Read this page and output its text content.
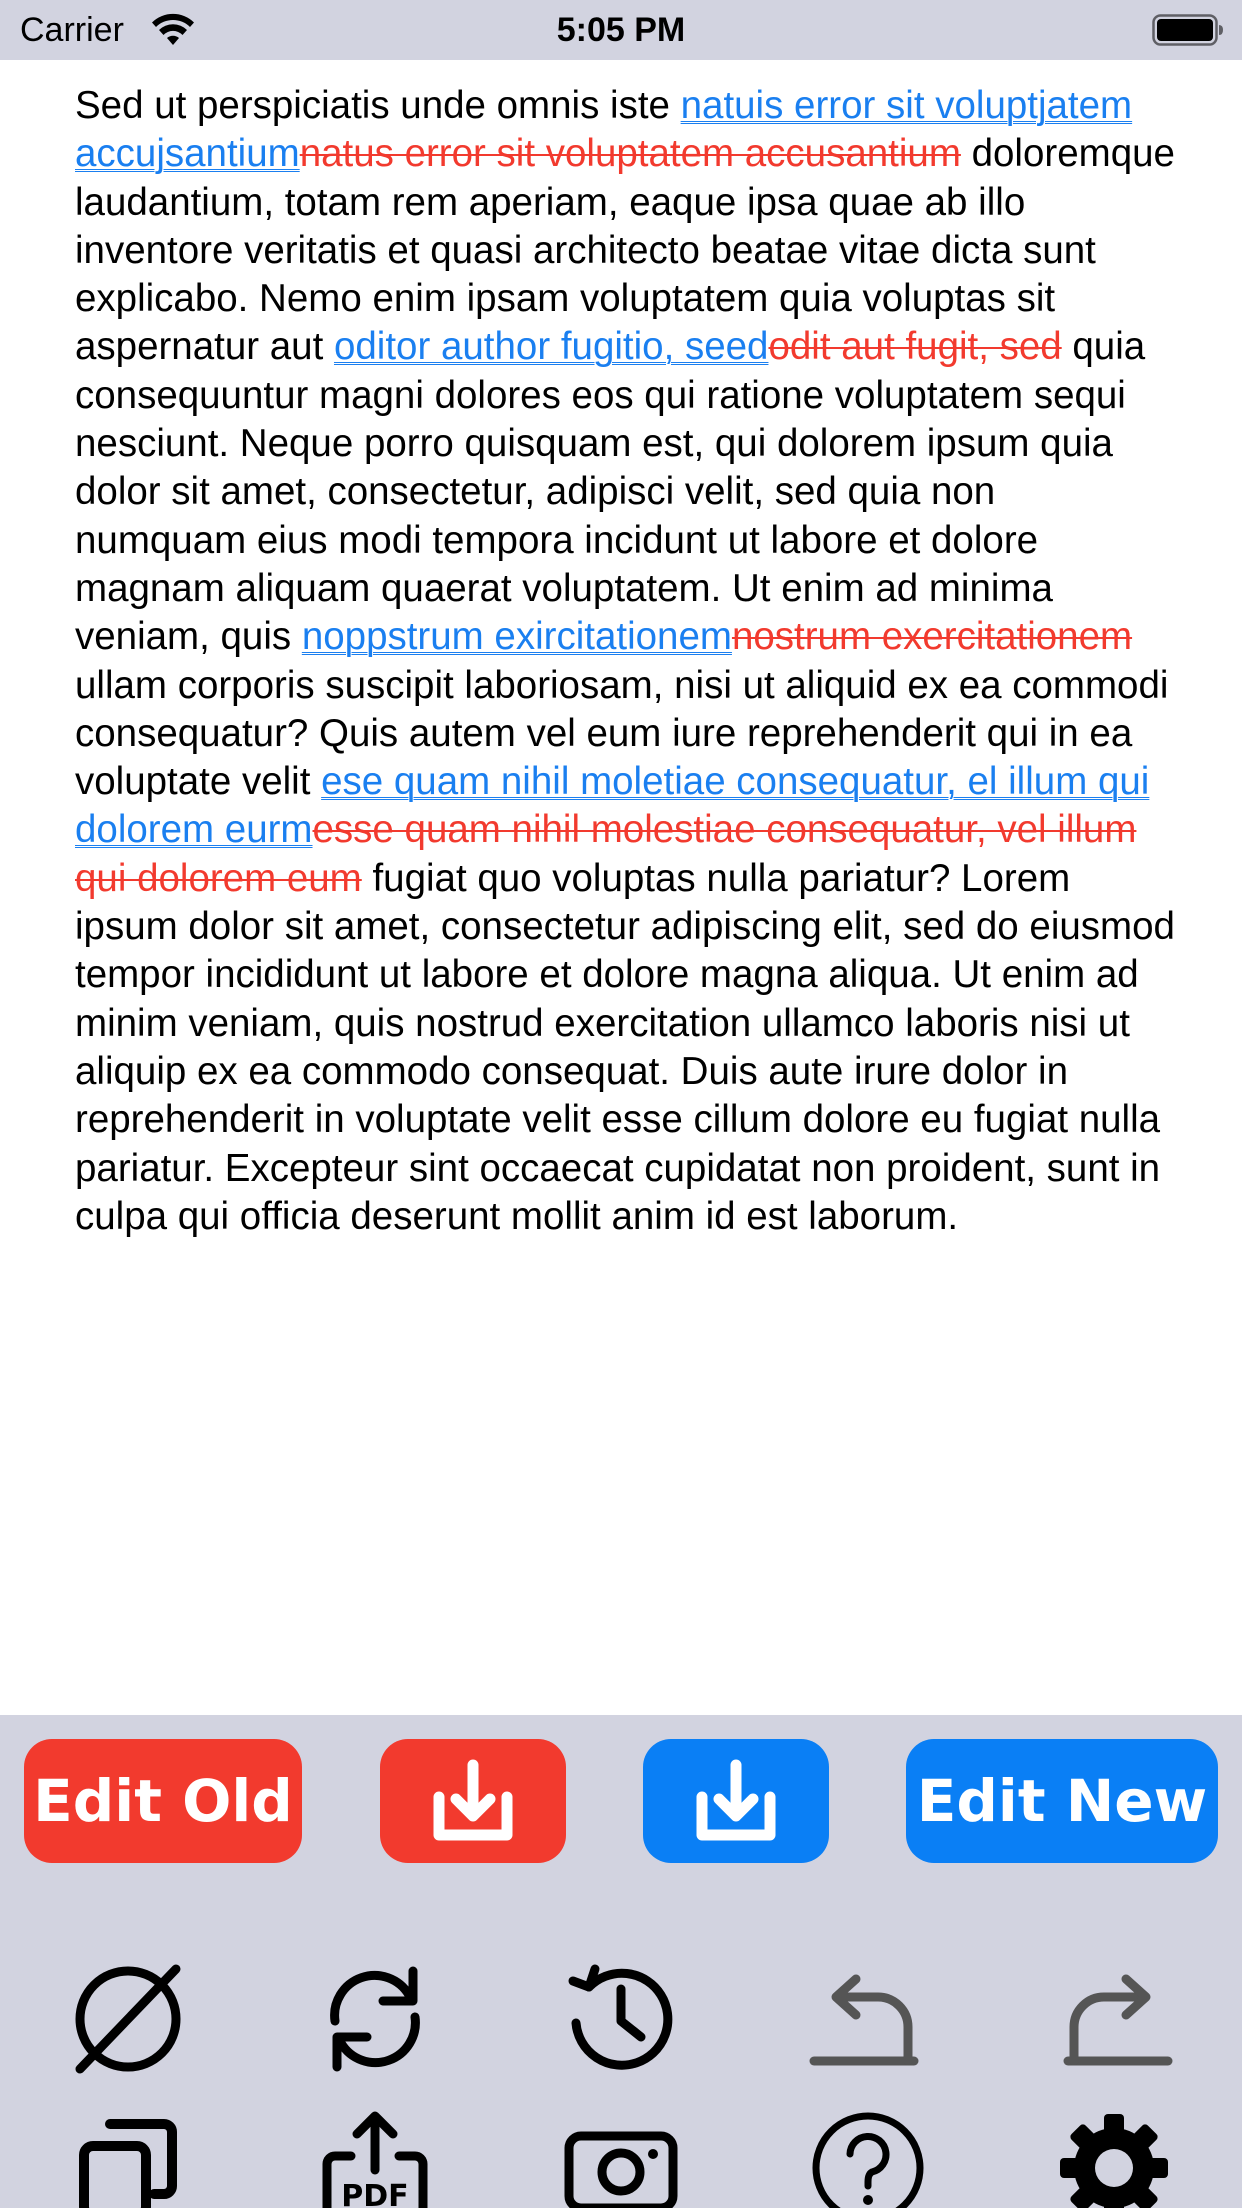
Carrier	5:05 PM
Sed ut perspiciatis unde omnis iste natuis error sit voluptjatem accujsantiumnatus error sit voluptatem accusantium doloremque laudantium, totam rem aperiam, eaque ipsa quae ab illo inventore veritatis et quasi architecto beatae vitae dicta sunt explicabo. Nemo enim ipsam voluptatem quia voluptas sit aspernatur aut oditor author fugitio, seedodit aut fugit, sed quia consequuntur magni dolores eos qui ratione voluptatem sequi nesciunt. Neque porro quisquam est, qui dolorem ipsum quia dolor sit amet, consectetur, adipisci velit, sed quia non numquam eius modi tempora incidunt ut labore et dolore magnam aliquam quaerat voluptatem. Ut enim ad minima veniam, quis noppstrum exircitationemnostrum exercitationem ullam corporis suscipit laboriosam, nisi ut aliquid ex ea commodi consequatur? Quis autem vel eum iure reprehenderit qui in ea voluptate velit ese quam nihil moletiae consequatur, el illum qui dolorem eurmesse quam nihil molestiae consequatur, vel illum qui dolorem eum fugiat quo voluptas nulla pariatur? Lorem ipsum dolor sit amet, consectetur adipiscing elit, sed do eiusmod tempor incididunt ut labore et dolore magna aliqua. Ut enim ad minim veniam, quis nostrud exercitation ullamco laboris nisi ut aliquip ex ea commodo consequat. Duis aute irure dolor in reprehenderit in voluptate velit esse cillum dolore eu fugiat nulla pariatur. Excepteur sint occaecat cupidatat non proident, sunt in culpa qui officia deserunt mollit anim id est laborum.
Edit Old	Edit New
PDF
